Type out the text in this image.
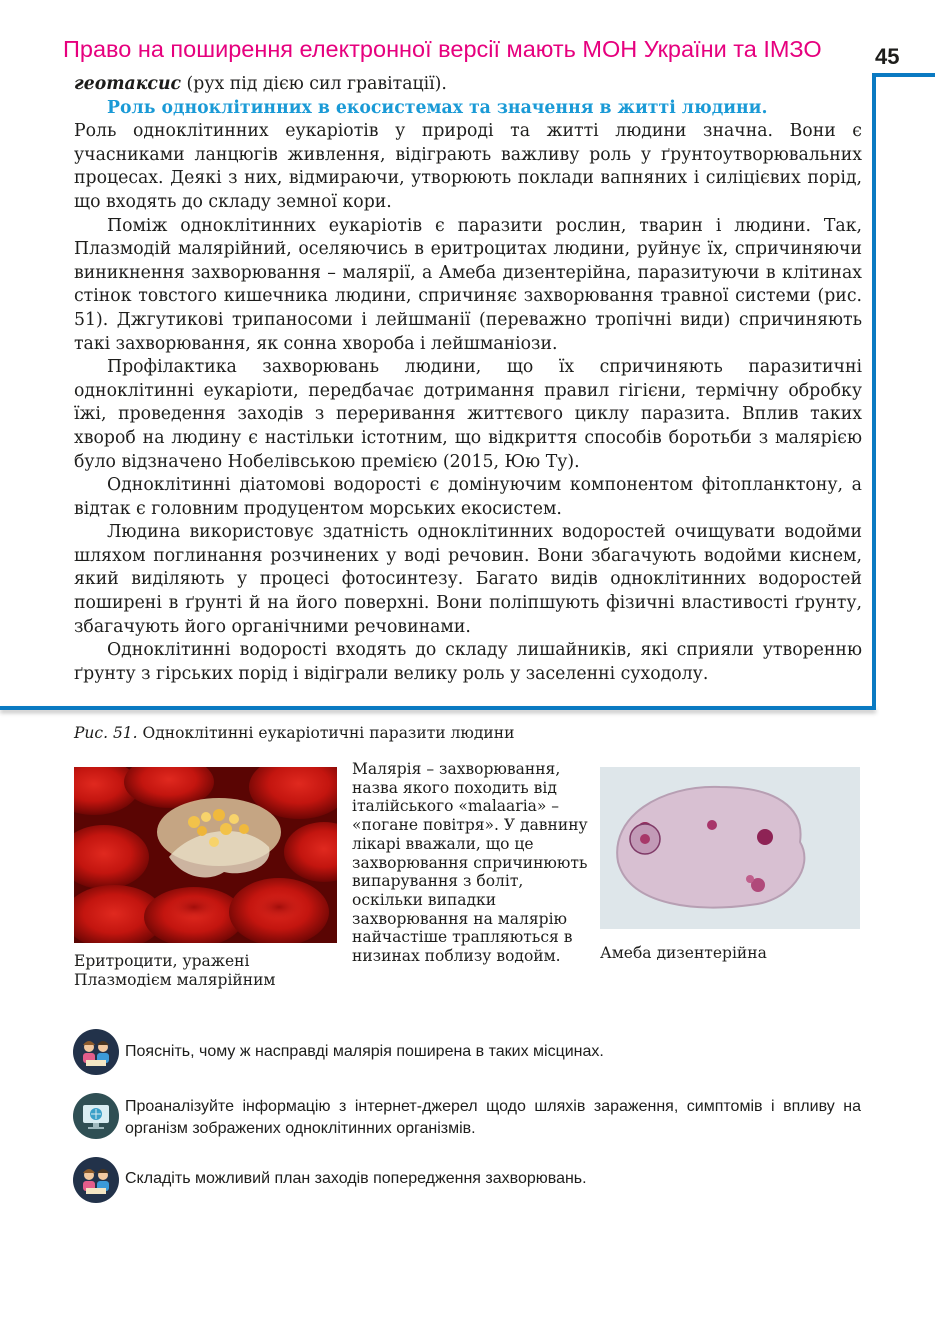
Право на поширення електронної версії мають МОН України та ІМЗО 45

геотаксис (рух під дією сил гравітації).

Роль одноклітинних в екосистемах та значення в житті людини.

Роль одноклітинних еукаріотів у природі та житті людини значна. Вони є учасниками ланцюгів живлення, відіграють важливу роль у ґрунтоутворювальних процесах. Деякі з них, відмираючи, утворюють поклади вапняних і силіцієвих порід, що входять до складу земної кори.

Поміж одноклітинних еукаріотів є паразити рослин, тварин і людини. Так, Плазмодій малярійний, оселяючись в еритроцитах людини, руйнує їх, спричиняючи виникнення захворювання – малярії, а Амеба дизентерійна, паразитуючи в клітинах стінок товстого кишечника людини, спричиняє захворювання травної системи (рис. 51). Джгутикові трипаносоми і лейшманії (переважно тропічні види) спричиняють такі захворювання, як сонна хвороба і лейшманіози.

Профілактика захворювань людини, що їх спричиняють паразитичні одноклітинні еукаріоти, передбачає дотримання правил гігієни, термічну обробку їжі, проведення заходів з переривання життєвого циклу паразита. Вплив таких хвороб на людину є настільки істотним, що відкриття способів боротьби з малярією було відзначено Нобелівською премією (2015, Юю Ту).

Одноклітинні діатомові водорості є домінуючим компонентом фітопланктону, а відтак є головним продуцентом морських екосистем.

Людина використовує здатність одноклітинних водоростей очищувати водойми шляхом поглинання розчинених у воді речовин. Вони збагачують водойми киснем, який виділяють у процесі фотосинтезу. Багато видів одноклітинних водоростей поширені в ґрунті й на його поверхні. Вони поліпшують фізичні властивості ґрунту, збагачують його органічними речовинами.

Одноклітинні водорості входять до складу лишайників, які сприяли утворенню ґрунту з гірських порід і відіграли велику роль у заселенні суходолу.

Рис. 51. Одноклітинні еукаріотичні паразити людини
Еритроцити, уражені Плазмодієм малярійним
Малярія – захворювання, назва якого походить від італійського «malaaria» – «погане повітря». У давнину лікарі вважали, що це захворювання спричинюють випарування з боліт, оскільки випадки захворювання на малярію найчастіше трапляються в низинах поблизу водойм.	Амеба дизентерійна
Поясніть, чому ж насправді малярія поширена в таких місцинах.
Проаналізуйте інформацію з інтернет-джерел щодо шляхів зараження, симптомів і впливу на організм зображених одноклітинних організмів.
Складіть можливий план заходів попередження захворювань.
